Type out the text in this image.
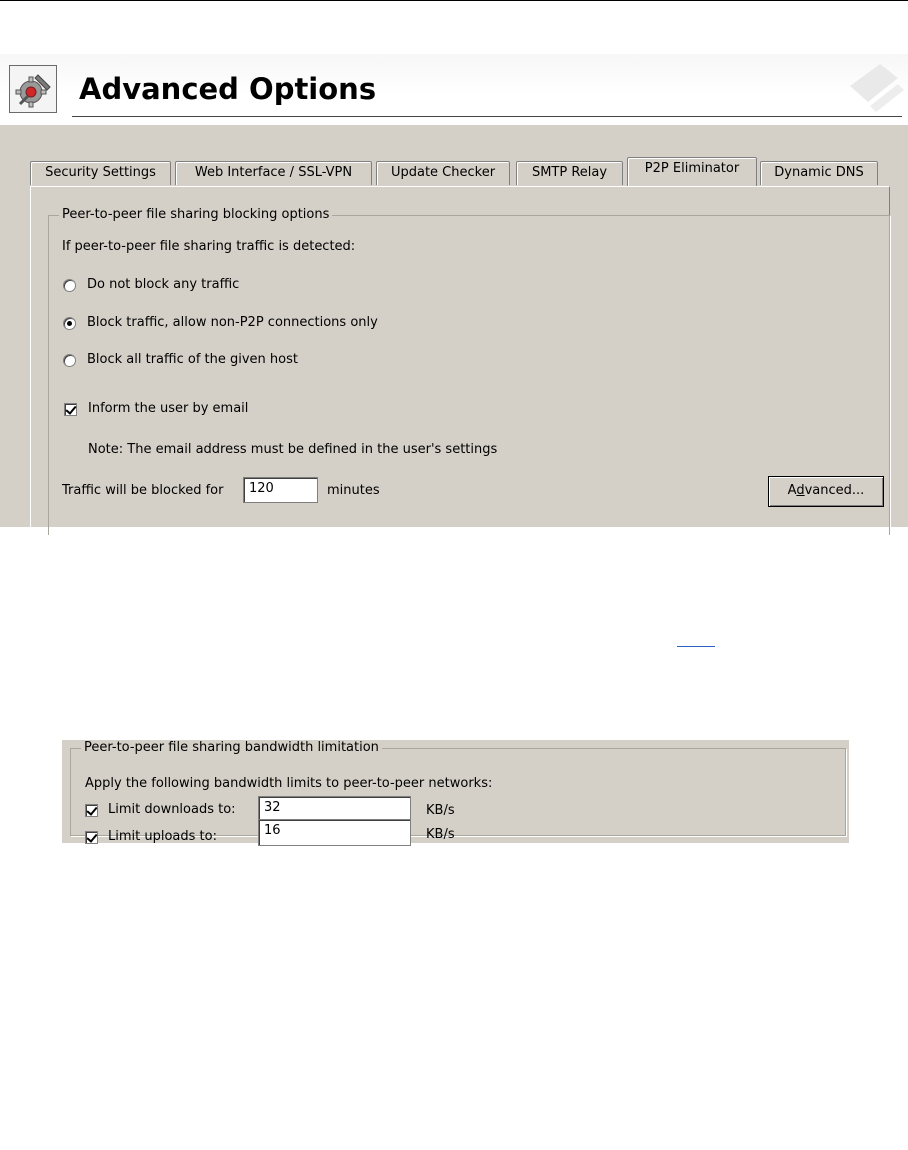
Advanced Options
Security Settings	Web Interface / SSL-VPN	Update Checker	SMTP Relay	P2P Eliminator	Dynamic DNS
Peer-to-peer file sharing blocking options
If peer-to-peer file sharing traffic is detected:
Do not block any traffic
Block traffic, allow non-P2P connections only
Block all traffic of the given host
Inform the user by email
Note: The email address must be defined in the user's settings
Traffic will be blocked for	120	minutes	Advanced...
Peer-to-peer file sharing bandwidth limitation
Apply the following bandwidth limits to peer-to-peer networks:
Limit downloads to:	32	KB/s
Limit uploads to:	16	KB/s
